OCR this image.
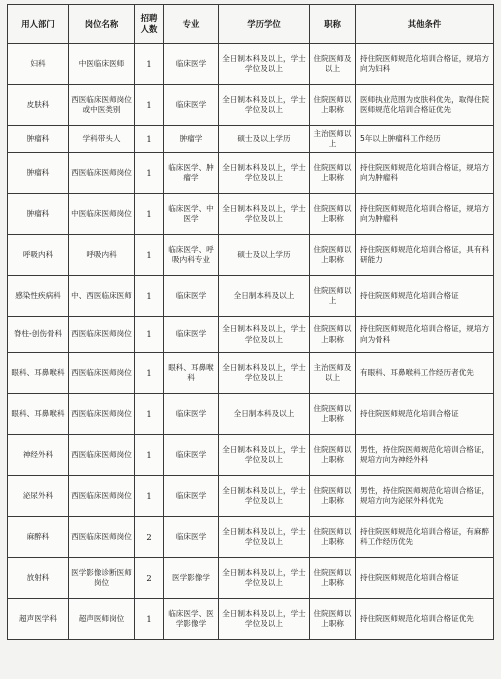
用人部门	岗位名称	招聘人数	专业	学历学位	职称	其他条件
妇科	中医临床医师	1	临床医学	全日制本科及以上，学士学位及以上	住院医师及以上	持住院医师规范化培训合格证，规培方向为妇科
皮肤科	西医临床医师岗位或中医类别	1	临床医学	全日制本科及以上，学士学位及以上	住院医师以上职称	医师执业范围为皮肤科优先，取得住院医师规范化培训合格证优先
肿瘤科	学科带头人	1	肿瘤学	硕士及以上学历	主治医师以上	5年以上肿瘤科工作经历
肿瘤科	西医临床医师岗位	1	临床医学、肿瘤学	全日制本科及以上，学士学位及以上	住院医师以上职称	持住院医师规范化培训合格证，规培方向为肿瘤科
肿瘤科	中医临床医师岗位	1	临床医学、中医学	全日制本科及以上，学士学位及以上	住院医师以上职称	持住院医师规范化培训合格证，规培方向为肿瘤科
呼吸内科	呼吸内科	1	临床医学、呼吸内科专业	硕士及以上学历	住院医师以上职称	持住院医师规范化培训合格证，具有科研能力
感染性疾病科	中、西医临床医师	1	临床医学	全日制本科及以上	住院医师以上	持住院医师规范化培训合格证
脊柱-创伤骨科	西医临床医师岗位	1	临床医学	全日制本科及以上，学士学位及以上	住院医师以上职称	持住院医师规范化培训合格证，规培方向为骨科
眼科、耳鼻喉科	西医临床医师岗位	1	眼科、耳鼻喉科	全日制本科及以上，学士学位及以上	主治医师及以上	有眼科、耳鼻喉科工作经历者优先
眼科、耳鼻喉科	西医临床医师岗位	1	临床医学	全日制本科及以上	住院医师以上职称	持住院医师规范化培训合格证
神经外科	西医临床医师岗位	1	临床医学	全日制本科及以上，学士学位及以上	住院医师以上职称	男性，持住院医师规范化培训合格证，规培方向为神经外科
泌尿外科	西医临床医师岗位	1	临床医学	全日制本科及以上，学士学位及以上	住院医师以上职称	男性，持住院医师规范化培训合格证，规培方向为泌尿外科优先
麻醉科	西医临床医师岗位	2	临床医学	全日制本科及以上，学士学位及以上	住院医师以上职称	持住院医师规范化培训合格证，有麻醉科工作经历优先
放射科	医学影像诊断医师岗位	2	医学影像学	全日制本科及以上，学士学位及以上	住院医师以上职称	持住院医师规范化培训合格证
超声医学科	超声医师岗位	1	临床医学、医学影像学	全日制本科及以上，学士学位及以上	住院医师以上职称	持住院医师规范化培训合格证优先
